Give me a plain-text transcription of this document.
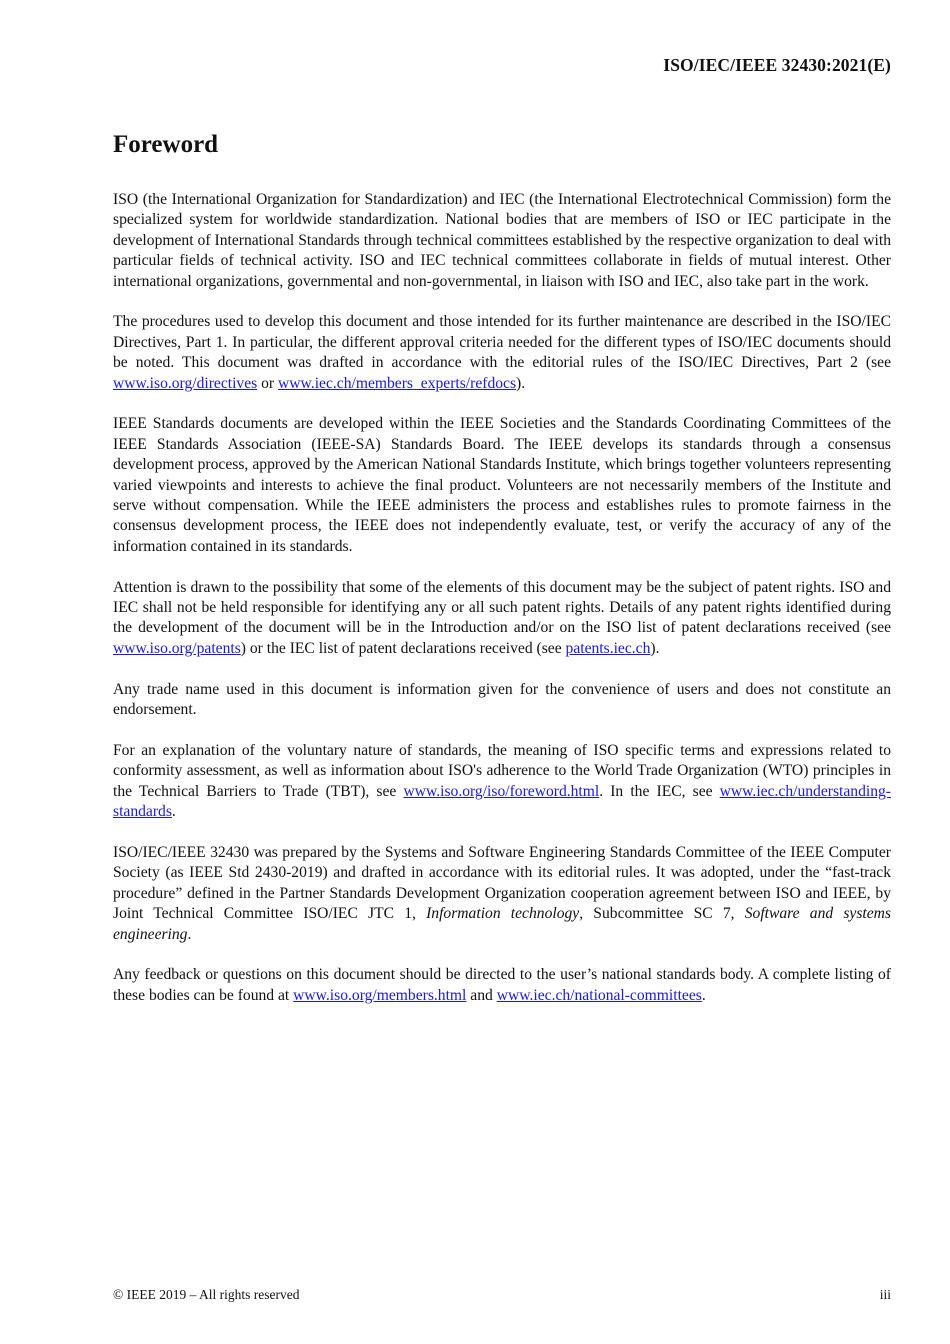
ISO/IEC/IEEE 32430:2021(E)
Foreword

ISO (the International Organization for Standardization) and IEC (the International Electrotechnical Commission) form the specialized system for worldwide standardization. National bodies that are members of ISO or IEC participate in the development of International Standards through technical committees established by the respective organization to deal with particular fields of technical activity. ISO and IEC technical committees collaborate in fields of mutual interest. Other international organizations, governmental and non-governmental, in liaison with ISO and IEC, also take part in the work.

The procedures used to develop this document and those intended for its further maintenance are described in the ISO/IEC Directives, Part 1. In particular, the different approval criteria needed for the different types of ISO/IEC documents should be noted. This document was drafted in accordance with the editorial rules of the ISO/IEC Directives, Part 2 (see www.iso.org/directives or www.iec.ch/members_experts/refdocs).

IEEE Standards documents are developed within the IEEE Societies and the Standards Coordinating Committees of the IEEE Standards Association (IEEE-SA) Standards Board. The IEEE develops its standards through a consensus development process, approved by the American National Standards Institute, which brings together volunteers representing varied viewpoints and interests to achieve the final product. Volunteers are not necessarily members of the Institute and serve without compensation. While the IEEE administers the process and establishes rules to promote fairness in the consensus development process, the IEEE does not independently evaluate, test, or verify the accuracy of any of the information contained in its standards.

Attention is drawn to the possibility that some of the elements of this document may be the subject of patent rights. ISO and IEC shall not be held responsible for identifying any or all such patent rights. Details of any patent rights identified during the development of the document will be in the Introduction and/or on the ISO list of patent declarations received (see www.iso.org/patents) or the IEC list of patent declarations received (see patents.iec.ch).

Any trade name used in this document is information given for the convenience of users and does not constitute an endorsement.

For an explanation of the voluntary nature of standards, the meaning of ISO specific terms and expressions related to conformity assessment, as well as information about ISO's adherence to the World Trade Organization (WTO) principles in the Technical Barriers to Trade (TBT), see www.iso.org/iso/foreword.html. In the IEC, see www.iec.ch/understanding-standards.

ISO/IEC/IEEE 32430 was prepared by the Systems and Software Engineering Standards Committee of the IEEE Computer Society (as IEEE Std 2430-2019) and drafted in accordance with its editorial rules. It was adopted, under the “fast-track procedure” defined in the Partner Standards Development Organization cooperation agreement between ISO and IEEE, by Joint Technical Committee ISO/IEC JTC 1, Information technology, Subcommittee SC 7, Software and systems engineering.

Any feedback or questions on this document should be directed to the user’s national standards body. A complete listing of these bodies can be found at www.iso.org/members.html and www.iec.ch/national-committees.

© IEEE 2019 – All rights reserved	iii
